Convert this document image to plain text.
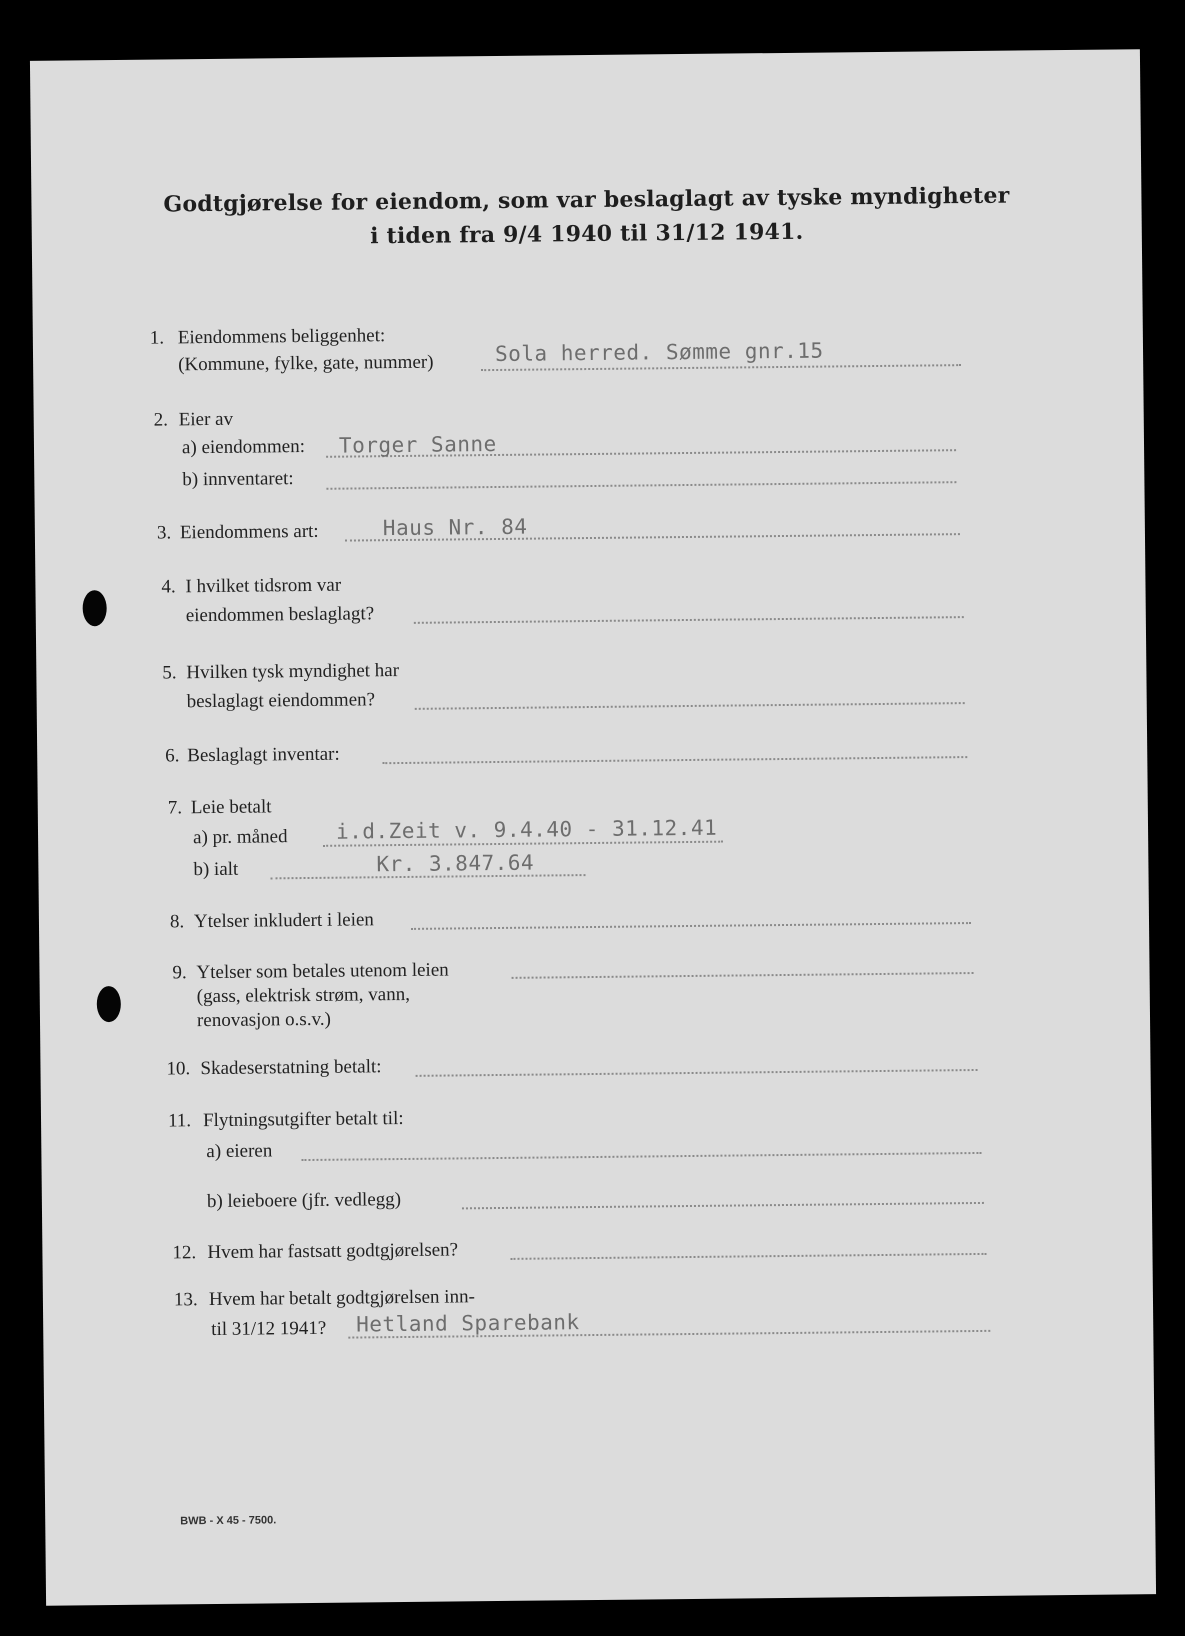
Godtgjørelse for eiendom, som var beslaglagt av tyske myndigheter
i tiden fra 9/4 1940 til 31/12 1941.
1. Eiendommens beliggenhet:
(Kommune, fylke, gate, nummer)	Sola herred. Sømme gnr.15
2. Eier av
a) eiendommen: Torger Sanne
b) innventaret:
3. Eiendommens art:	Haus Nr. 84
4. I hvilket tidsrom var
eiendommen beslaglagt?
5. Hvilken tysk myndighet har
beslaglagt eiendommen?
6. Beslaglagt inventar:
7. Leie betalt
a) pr. måned i.d.Zeit v. 9.4.40 - 31.12.41
b) ialt	Kr. 3.847.64
8. Ytelser inkludert i leien
9. Ytelser som betales utenom leien
(gass, elektrisk strøm, vann,
renovasjon o.s.v.)
10. Skadeserstatning betalt:
11. Flytningsutgifter betalt til:
a) eieren
b) leieboere (jfr. vedlegg)
12. Hvem har fastsatt godtgjørelsen?
13. Hvem har betalt godtgjørelsen inn-
til 31/12 1941? Hetland Sparebank
BWB - X 45 - 7500.
